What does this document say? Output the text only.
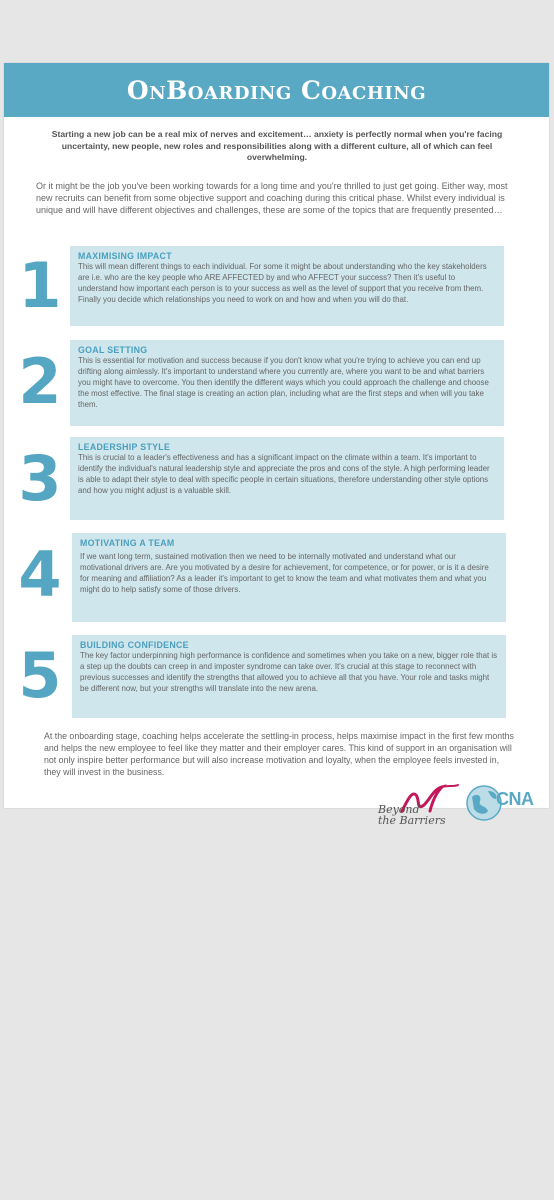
OnBoarding Coaching
Starting a new job can be a real mix of nerves and excitement… anxiety is perfectly normal when you're facing uncertainty, new people, new roles and responsibilities along with a different culture, all of which can feel overwhelming.
Or it might be the job you've been working towards for a long time and you're thrilled to just get going. Either way, most new recruits can benefit from some objective support and coaching during this critical phase. Whilst every individual is unique and will have different objectives and challenges, these are some of the topics that are frequently presented…
1	MAXIMISING IMPACT
This will mean different things to each individual. For some it might be about understanding who the key stakeholders are i.e. who are the key people who ARE AFFECTED by and who AFFECT your success? Then it's useful to understand how important each person is to your success as well as the level of support that you receive from them. Finally you decide which relationships you need to work on and how and when you will do that.
2	GOAL SETTING
This is essential for motivation and success because if you don't know what you're trying to achieve you can end up drifting along aimlessly. It's important to understand where you currently are, where you want to be and what barriers you might have to overcome. You then identify the different ways which you could approach the challenge and choose the most effective. The final stage is creating an action plan, including what are the first steps and when will you take them.
3	LEADERSHIP STYLE
This is crucial to a leader's effectiveness and has a significant impact on the climate within a team. It's important to identify the individual's natural leadership style and appreciate the pros and cons of the style. A high performing leader is able to adapt their style to deal with specific people in certain situations, therefore understanding other style options and how you might adjust is a valuable skill.
4	MOTIVATING A TEAM
If we want long term, sustained motivation then we need to be internally motivated and understand what our motivational drivers are. Are you motivated by a desire for achievement, for competence, or for power, or is it a desire for meaning and affiliation? As a leader it's important to get to know the team and what motivates them and what you might do to help satisfy some of those drivers.
5	BUILDING CONFIDENCE
The key factor underpinning high performance is confidence and sometimes when you take on a new, bigger role that is a step up the doubts can creep in and imposter syndrome can take over. It's crucial at this stage to reconnect with previous successes and identify the strengths that allowed you to achieve all that you have. Your role and tasks might be different now, but your strengths will translate into the new arena.
At the onboarding stage, coaching helps accelerate the settling-in process, helps maximise impact in the first few months and helps the new employee to feel like they matter and their employer cares. This kind of support in an organisation will not only inspire better performance but will also increase motivation and loyalty, when the employee feels invested in, they will invest in the business.
Beyond
the Barriers
CNA
